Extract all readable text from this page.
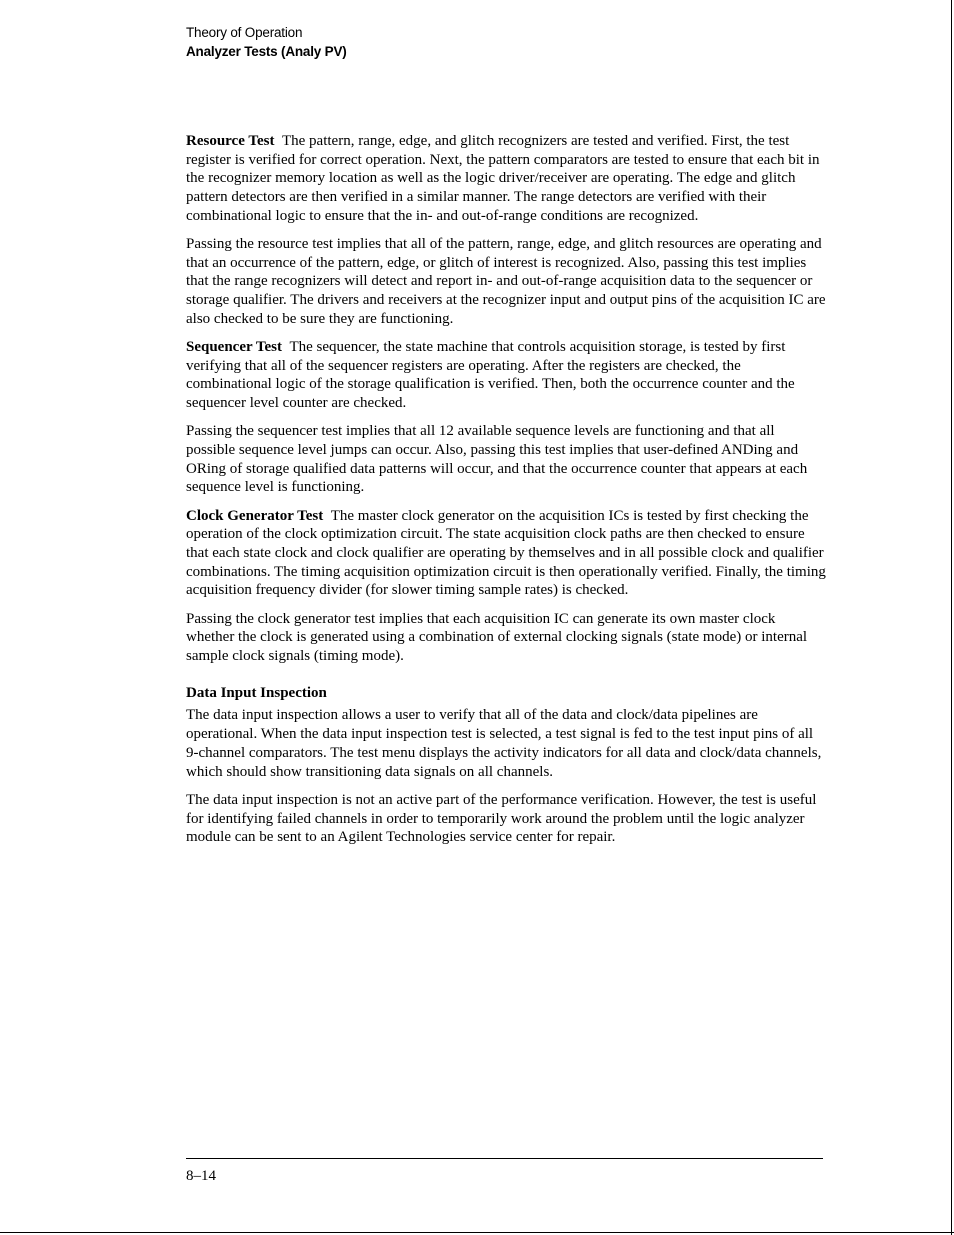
Theory of Operation
Analyzer Tests (Analy PV)

Resource Test The pattern, range, edge, and glitch recognizers are tested and verified. First, the test register is verified for correct operation. Next, the pattern comparators are tested to ensure that each bit in the recognizer memory location as well as the logic driver/receiver are operating. The edge and glitch pattern detectors are then verified in a similar manner. The range detectors are verified with their combinational logic to ensure that the in- and out-of-range conditions are recognized.

Passing the resource test implies that all of the pattern, range, edge, and glitch resources are operating and that an occurrence of the pattern, edge, or glitch of interest is recognized. Also, passing this test implies that the range recognizers will detect and report in- and out-of-range acquisition data to the sequencer or storage qualifier. The drivers and receivers at the recognizer input and output pins of the acquisition IC are also checked to be sure they are functioning.

Sequencer Test The sequencer, the state machine that controls acquisition storage, is tested by first verifying that all of the sequencer registers are operating. After the registers are checked, the combinational logic of the storage qualification is verified. Then, both the occurrence counter and the sequencer level counter are checked.

Passing the sequencer test implies that all 12 available sequence levels are functioning and that all possible sequence level jumps can occur. Also, passing this test implies that user-defined ANDing and ORing of storage qualified data patterns will occur, and that the occurrence counter that appears at each sequence level is functioning.

Clock Generator Test The master clock generator on the acquisition ICs is tested by first checking the operation of the clock optimization circuit. The state acquisition clock paths are then checked to ensure that each state clock and clock qualifier are operating by themselves and in all possible clock and qualifier combinations. The timing acquisition optimization circuit is then operationally verified. Finally, the timing acquisition frequency divider (for slower timing sample rates) is checked.

Passing the clock generator test implies that each acquisition IC can generate its own master clock whether the clock is generated using a combination of external clocking signals (state mode) or internal sample clock signals (timing mode).

Data Input Inspection

The data input inspection allows a user to verify that all of the data and clock/data pipelines are operational. When the data input inspection test is selected, a test signal is fed to the test input pins of all 9-channel comparators. The test menu displays the activity indicators for all data and clock/data channels, which should show transitioning data signals on all channels.

The data input inspection is not an active part of the performance verification. However, the test is useful for identifying failed channels in order to temporarily work around the problem until the logic analyzer module can be sent to an Agilent Technologies service center for repair.

8–14
